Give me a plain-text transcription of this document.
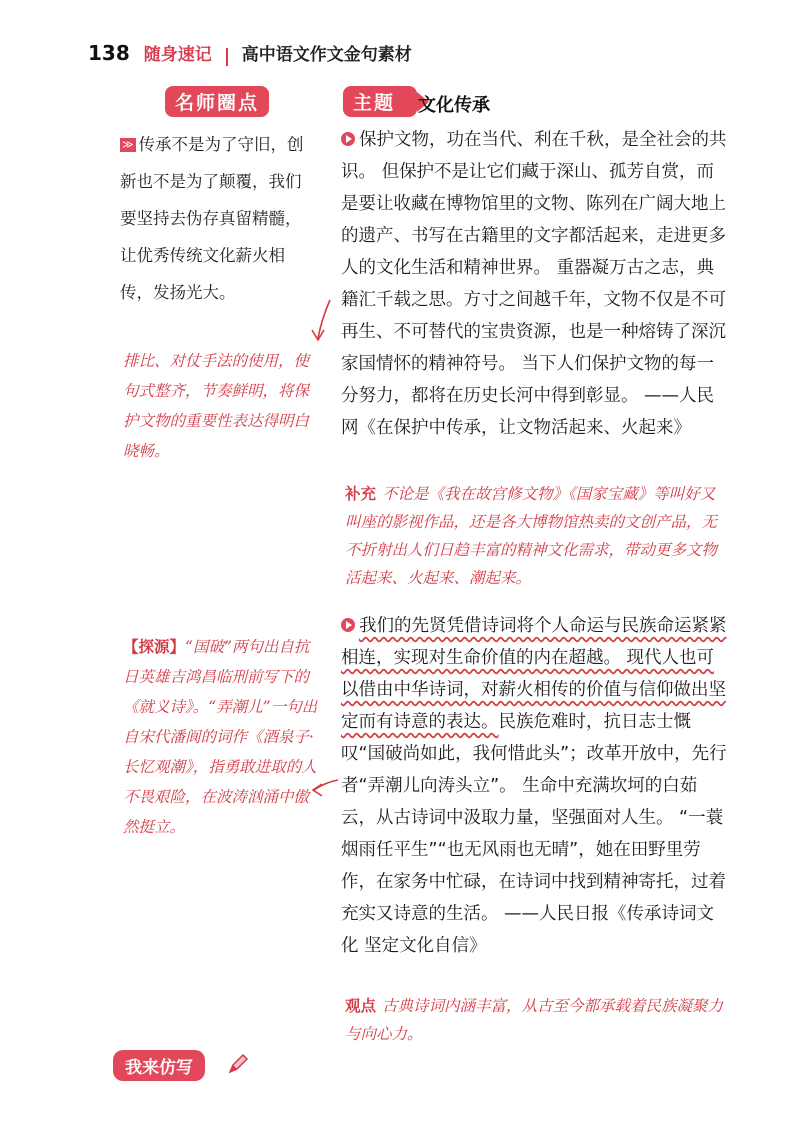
138 随身速记 高中语文作文金句素材
名师圈点	主题	文化传承
≫ 传承不是为了守旧，创新也不是为了颠覆，我们要坚持去伪存真留精髓，让优秀传统文化薪火相传，发扬光大。
排比、对仗手法的使用，使句式整齐，节奏鲜明，将保护文物的重要性表达得明白晓畅。
【探源】“国破”两句出自抗日英雄吉鸿昌临刑前写下的《就义诗》。“弄潮儿”一句出自宋代潘阆的词作《酒泉子·长忆观潮》，指勇敢进取的人不畏艰险，在波涛汹涌中傲然挺立。
保护文物，功在当代、利在千秋，是全社会的共识。 但保护不是让它们藏于深山、孤芳自赏，而是要让收藏在博物馆里的文物、陈列在广阔大地上的遗产、书写在古籍里的文字都活起来，走进更多人的文化生活和精神世界。 重器凝万古之志，典籍汇千载之思。方寸之间越千年，文物不仅是不可再生、不可替代的宝贵资源，也是一种熔铸了深沉家国情怀的精神符号。 当下人们保护文物的每一分努力，都将在历史长河中得到彰显。 ——人民网《在保护中传承，让文物活起来、火起来》
补充 不论是《我在故宫修文物》《国家宝藏》等叫好又叫座的影视作品，还是各大博物馆热卖的文创产品，无不折射出人们日趋丰富的精神文化需求，带动更多文物活起来、火起来、潮起来。
我们的先贤凭借诗词将个人命运与民族命运紧紧相连，实现对生命价值的内在超越。 现代人也可以借由中华诗词，对薪火相传的价值与信仰做出坚定而有诗意的表达。民族危难时，抗日志士慨叹“国破尚如此，我何惜此头”；改革开放中，先行者“弄潮儿向涛头立”。 生命中充满坎坷的白茹云，从古诗词中汲取力量，坚强面对人生。 “一蓑烟雨任平生”“也无风雨也无晴”，她在田野里劳作，在家务中忙碌，在诗词中找到精神寄托，过着充实又诗意的生活。 ——人民日报《传承诗词文化 坚定文化自信》
观点 古典诗词内涵丰富，从古至今都承载着民族凝聚力与向心力。
我来仿写
